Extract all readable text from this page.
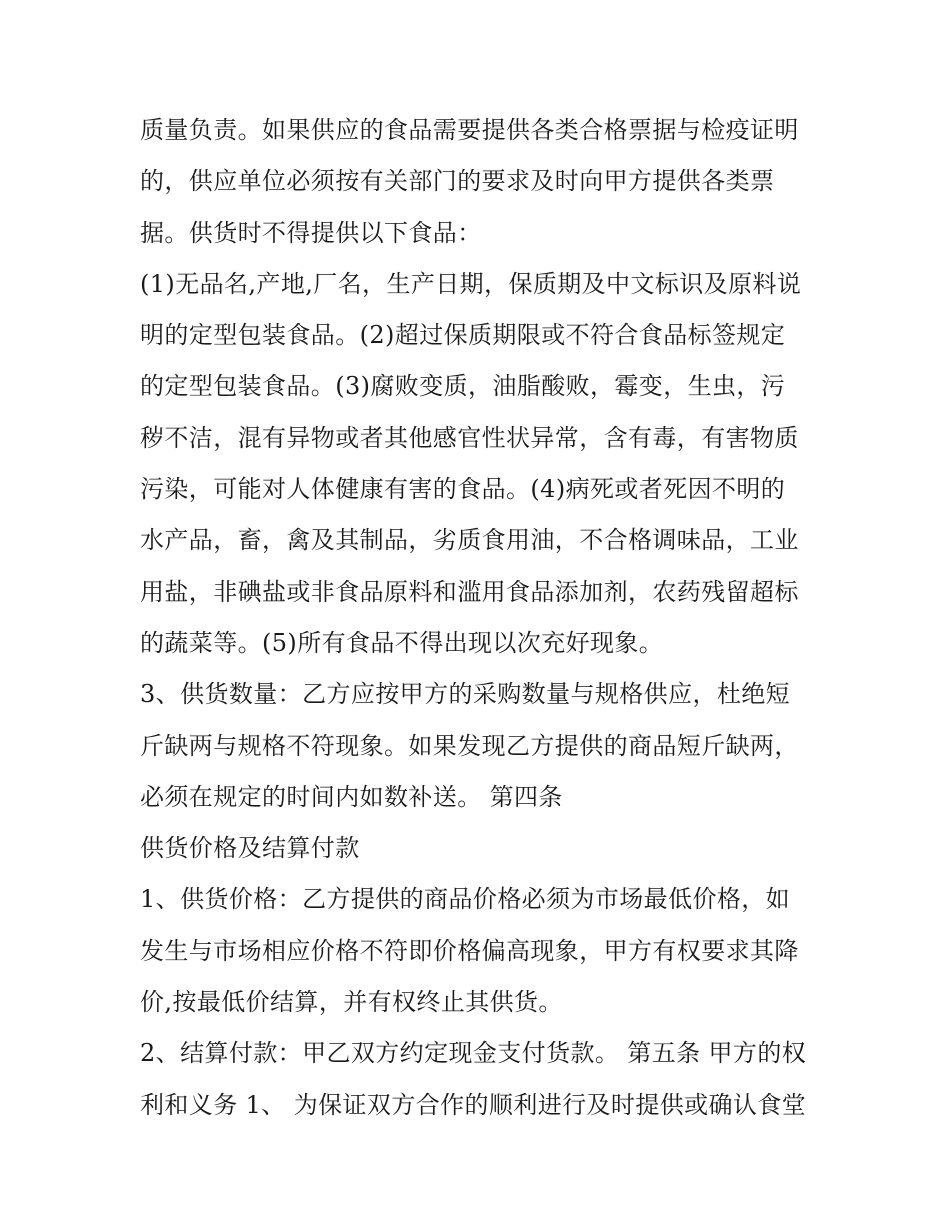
质量负责。如果供应的食品需要提供各类合格票据与检疫证明
的，供应单位必须按有关部门的要求及时向甲方提供各类票
据。供货时不得提供以下食品：
(1)无品名,产地,厂名，生产日期，保质期及中文标识及原料说
明的定型包装食品。(2)超过保质期限或不符合食品标签规定
的定型包装食品。(3)腐败变质，油脂酸败，霉变，生虫，污
秽不洁，混有异物或者其他感官性状异常，含有毒，有害物质
污染，可能对人体健康有害的食品。(4)病死或者死因不明的
水产品，畜，禽及其制品，劣质食用油，不合格调味品，工业
用盐，非碘盐或非食品原料和滥用食品添加剂，农药残留超标
的蔬菜等。(5)所有食品不得出现以次充好现象。
3、供货数量：乙方应按甲方的采购数量与规格供应，杜绝短
斤缺两与规格不符现象。如果发现乙方提供的商品短斤缺两，
必须在规定的时间内如数补送。 第四条
供货价格及结算付款
1、供货价格：乙方提供的商品价格必须为市场最低价格，如
发生与市场相应价格不符即价格偏高现象，甲方有权要求其降
价,按最低价结算，并有权终止其供货。
2、结算付款：甲乙双方约定现金支付货款。 第五条 甲方的权
利和义务 1、 为保证双方合作的顺利进行及时提供或确认食堂
